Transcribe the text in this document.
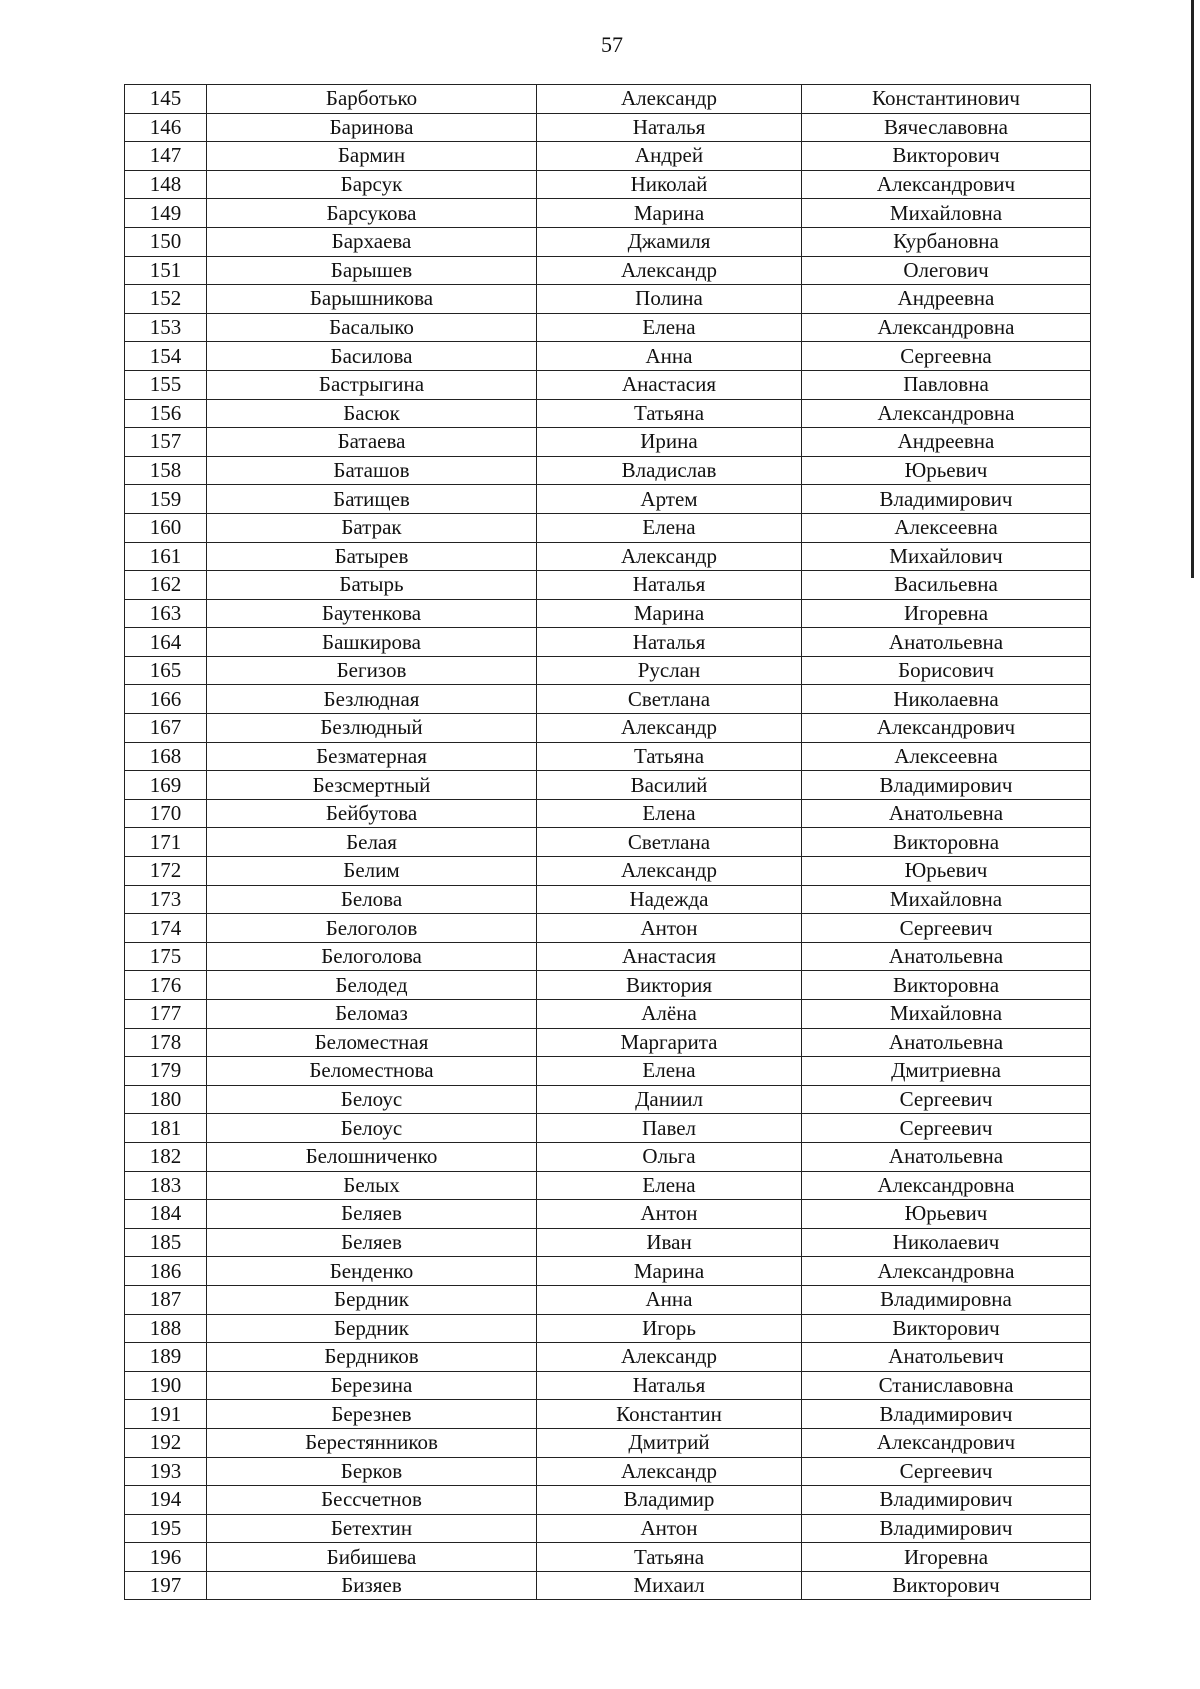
57
145	Барботько	Александр	Константинович
146	Баринова	Наталья	Вячеславовна
147	Бармин	Андрей	Викторович
148	Барсук	Николай	Александрович
149	Барсукова	Марина	Михайловна
150	Бархаева	Джамиля	Курбановна
151	Барышев	Александр	Олегович
152	Барышникова	Полина	Андреевна
153	Басалыко	Елена	Александровна
154	Басилова	Анна	Сергеевна
155	Бастрыгина	Анастасия	Павловна
156	Басюк	Татьяна	Александровна
157	Батаева	Ирина	Андреевна
158	Баташов	Владислав	Юрьевич
159	Батищев	Артем	Владимирович
160	Батрак	Елена	Алексеевна
161	Батырев	Александр	Михайлович
162	Батырь	Наталья	Васильевна
163	Баутенкова	Марина	Игоревна
164	Башкирова	Наталья	Анатольевна
165	Бегизов	Руслан	Борисович
166	Безлюдная	Светлана	Николаевна
167	Безлюдный	Александр	Александрович
168	Безматерная	Татьяна	Алексеевна
169	Безсмертный	Василий	Владимирович
170	Бейбутова	Елена	Анатольевна
171	Белая	Светлана	Викторовна
172	Белим	Александр	Юрьевич
173	Белова	Надежда	Михайловна
174	Белоголов	Антон	Сергеевич
175	Белоголова	Анастасия	Анатольевна
176	Белодед	Виктория	Викторовна
177	Беломаз	Алёна	Михайловна
178	Беломестная	Маргарита	Анатольевна
179	Беломестнова	Елена	Дмитриевна
180	Белоус	Даниил	Сергеевич
181	Белоус	Павел	Сергеевич
182	Белошниченко	Ольга	Анатольевна
183	Белых	Елена	Александровна
184	Беляев	Антон	Юрьевич
185	Беляев	Иван	Николаевич
186	Бенденко	Марина	Александровна
187	Бердник	Анна	Владимировна
188	Бердник	Игорь	Викторович
189	Бердников	Александр	Анатольевич
190	Березина	Наталья	Станиславовна
191	Березнев	Константин	Владимирович
192	Берестянников	Дмитрий	Александрович
193	Берков	Александр	Сергеевич
194	Бессчетнов	Владимир	Владимирович
195	Бетехтин	Антон	Владимирович
196	Бибишева	Татьяна	Игоревна
197	Бизяев	Михаил	Викторович
